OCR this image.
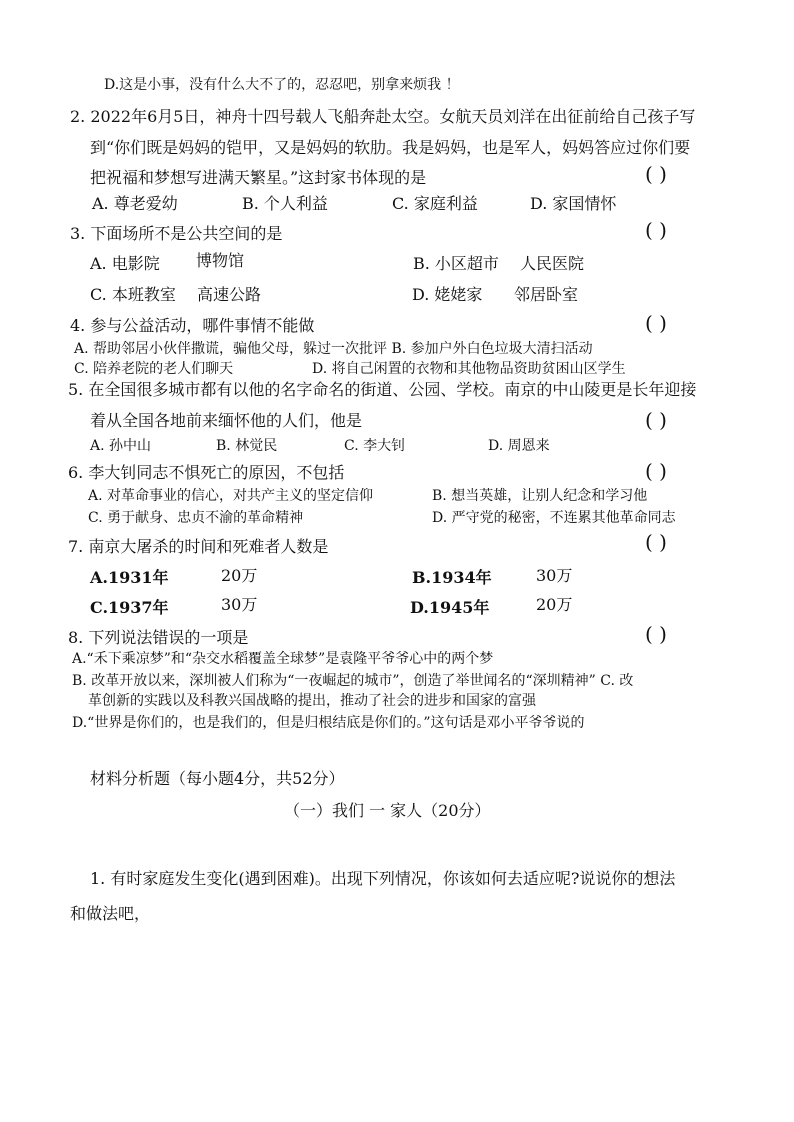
D.这是小事，没有什么大不了的，忍忍吧，别拿来烦我 ！
2. 2022年6月5日，神舟十四号载人飞船奔赴太空。女航天员刘洋在出征前给自己孩子写
到“你们既是妈妈的铠甲，又是妈妈的软肋。我是妈妈，也是军人，妈妈答应过你们要
把祝福和梦想写进满天繁星。”这封家书体现的是	( )
A. 尊老爱幼	B. 个人利益	C. 家庭利益	D. 家国情怀
3. 下面场所不是公共空间的是	( )
A. 电影院 博物馆	B. 小区超市 人民医院
C. 本班教室 高速公路	D. 姥姥家 邻居卧室
4. 参与公益活动，哪件事情不能做	( )
A. 帮助邻居小伙伴撒谎，骗他父母，躲过一次批评 B. 参加户外白色垃圾大清扫活动
C. 陪养老院的老人们聊天	D. 将自己闲置的衣物和其他物品资助贫困山区学生
5. 在全国很多城市都有以他的名字命名的街道、公园、学校。南京的中山陵更是长年迎接
着从全国各地前来缅怀他的人们，他是	( )
A. 孙中山	B. 林觉民	C. 李大钊	D. 周恩来
6. 李大钊同志不惧死亡的原因，不包括	( )
A. 对革命事业的信心，对共产主义的坚定信仰	B. 想当英雄，让别人纪念和学习他
C. 勇于献身、忠贞不渝的革命精神	D. 严守党的秘密，不连累其他革命同志
7. 南京大屠杀的时间和死难者人数是	( )
A.1931年	20万	B.1934年	30万
C.1937年	30万	D.1945年	20万
8. 下列说法错误的一项是	( )
A.“禾下乘凉梦”和“杂交水稻覆盖全球梦”是袁隆平爷爷心中的两个梦
B. 改革开放以来，深圳被人们称为“一夜崛起的城市”，创造了举世闻名的“深圳精神” C. 改
革创新的实践以及科教兴国战略的提出，推动了社会的进步和国家的富强
D.“世界是你们的，也是我们的，但是归根结底是你们的。”这句话是邓小平爷爷说的
材料分析题（每小题4分，共52分）
（一）我们 一 家人（20分）
1. 有时家庭发生变化(遇到困难)。出现下列情况，你该如何去适应呢?说说你的想法
和做法吧，
